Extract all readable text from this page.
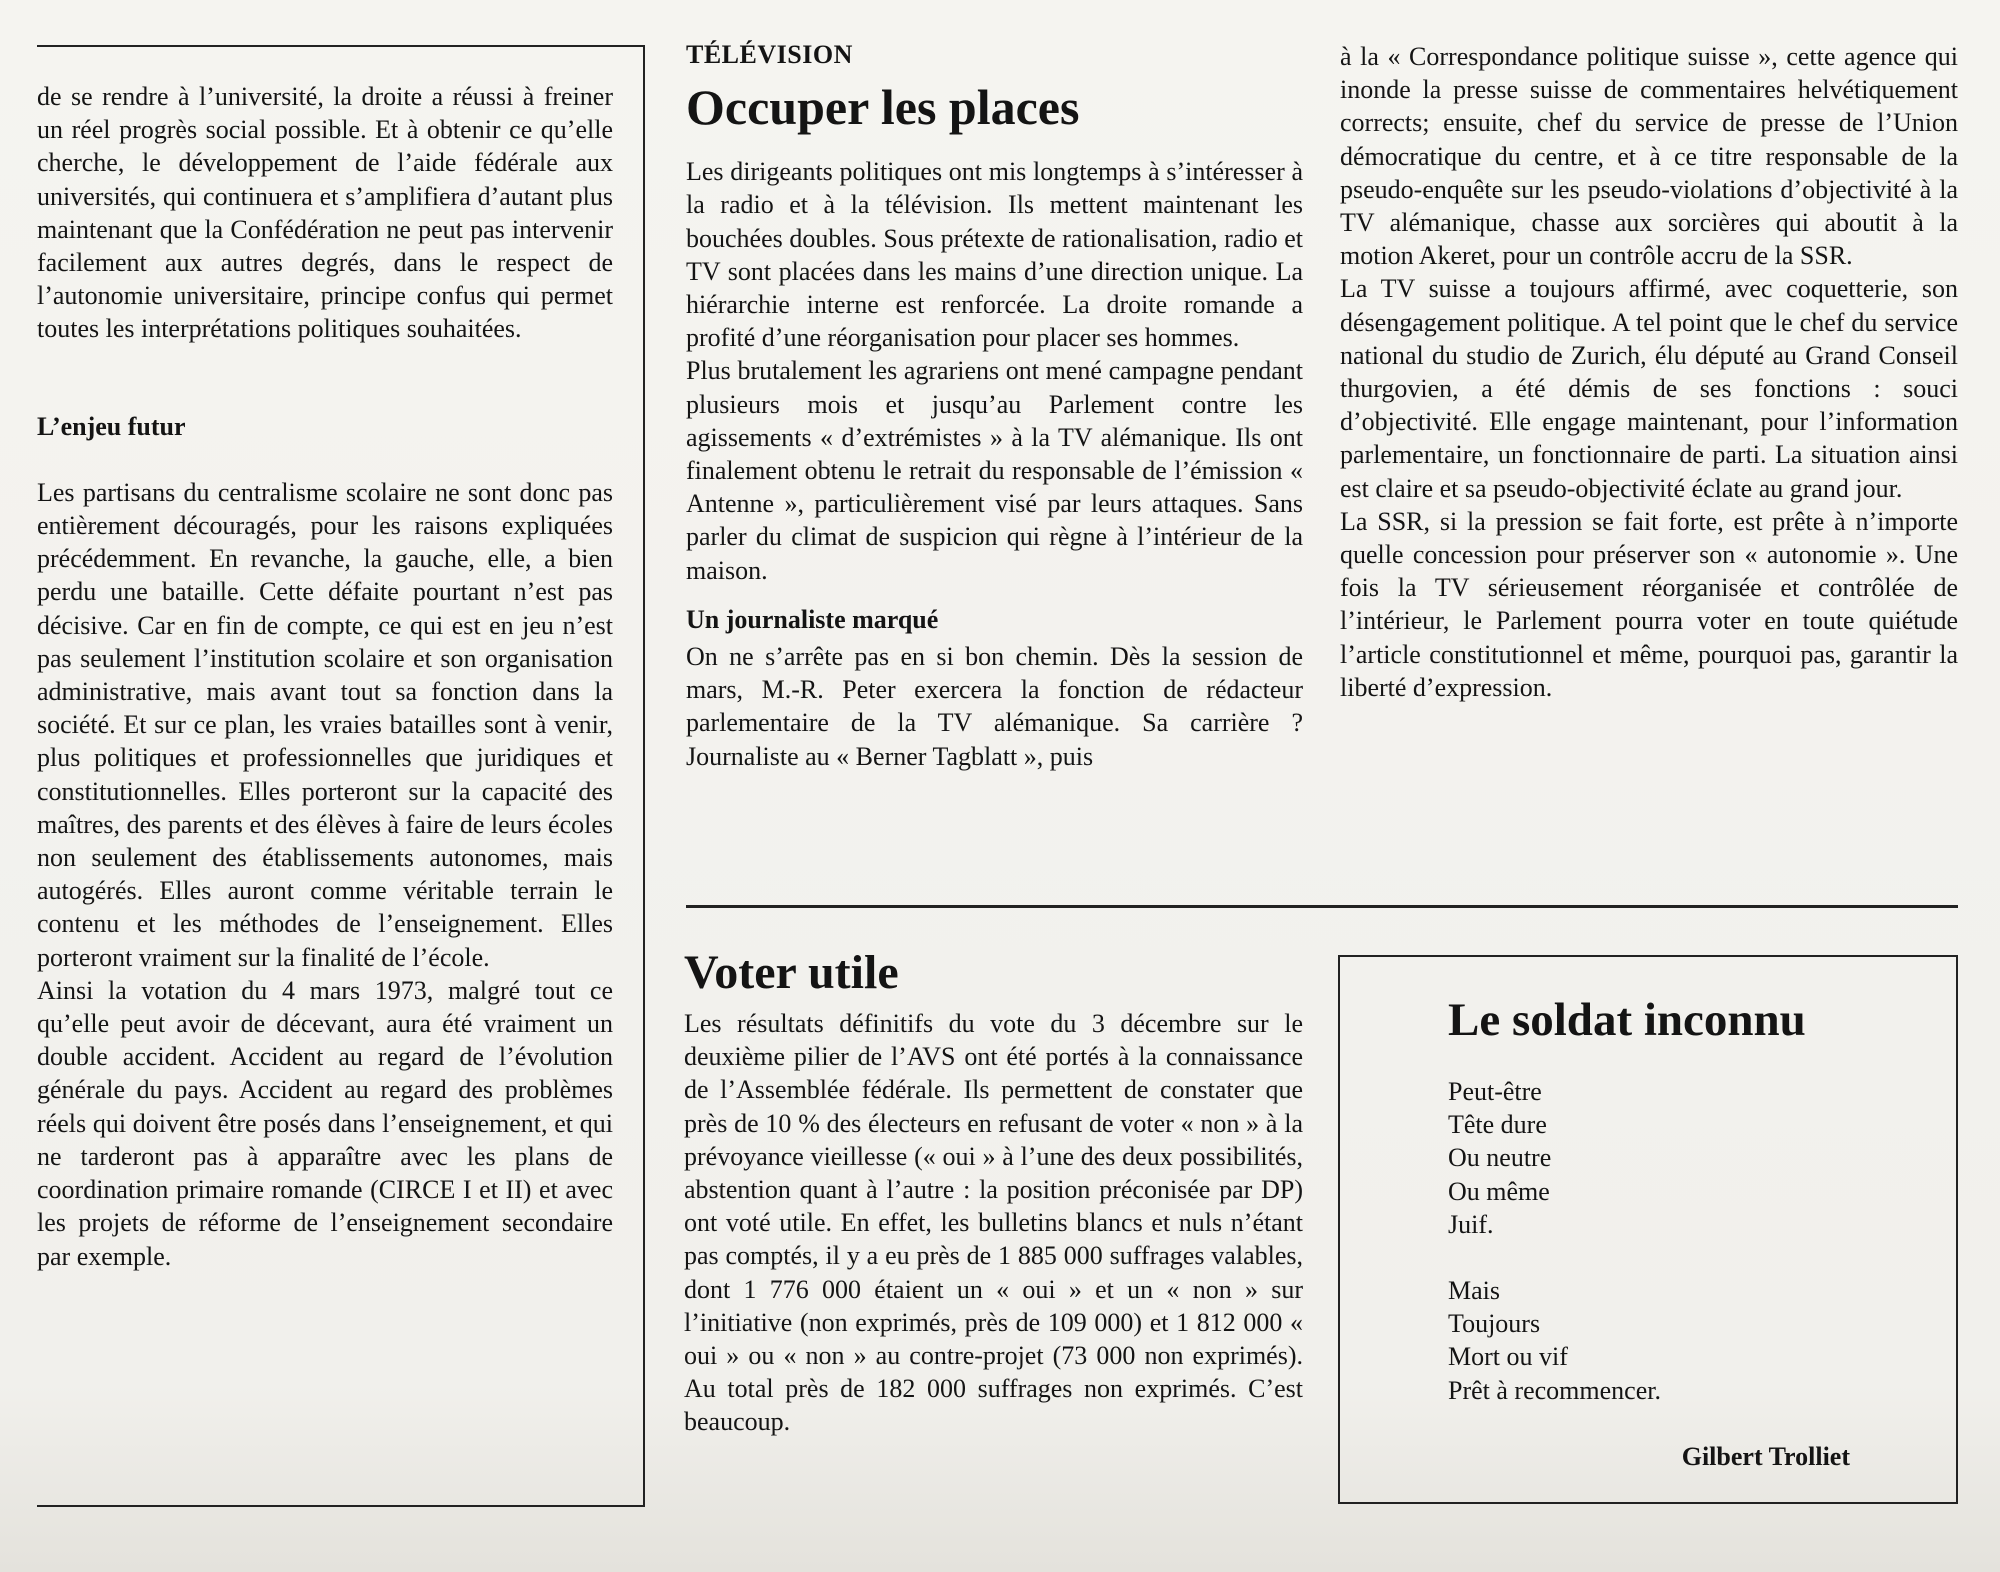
de se rendre à l’université, la droite a réussi à freiner un réel progrès social possible. Et à obtenir ce qu’elle cherche, le développement de l’aide fédérale aux universités, qui continuera et s’amplifiera d’autant plus maintenant que la Confédération ne peut pas intervenir facilement aux autres degrés, dans le respect de l’autonomie universitaire, principe confus qui permet toutes les interprétations politiques souhaitées.

L’enjeu futur

Les partisans du centralisme scolaire ne sont donc pas entièrement découragés, pour les raisons expliquées précédemment. En revanche, la gauche, elle, a bien perdu une bataille. Cette défaite pourtant n’est pas décisive. Car en fin de compte, ce qui est en jeu n’est pas seulement l’institution scolaire et son organisation administrative, mais avant tout sa fonction dans la société. Et sur ce plan, les vraies batailles sont à venir, plus politiques et professionnelles que juridiques et constitutionnelles. Elles porteront sur la capacité des maîtres, des parents et des élèves à faire de leurs écoles non seulement des établissements autonomes, mais autogérés. Elles auront comme véritable terrain le contenu et les méthodes de l’enseignement. Elles porteront vraiment sur la finalité de l’école.

Ainsi la votation du 4 mars 1973, malgré tout ce qu’elle peut avoir de décevant, aura été vraiment un double accident. Accident au regard de l’évolution générale du pays. Accident au regard des problèmes réels qui doivent être posés dans l’enseignement, et qui ne tarderont pas à apparaître avec les plans de coordination primaire romande (CIRCE I et II) et avec les projets de réforme de l’enseignement secondaire par exemple.

TÉLÉVISION

Occuper les places

Les dirigeants politiques ont mis longtemps à s’intéresser à la radio et à la télévision. Ils mettent maintenant les bouchées doubles. Sous prétexte de rationalisation, radio et TV sont placées dans les mains d’une direction unique. La hiérarchie interne est renforcée. La droite romande a profité d’une réorganisation pour placer ses hommes.

Plus brutalement les agrariens ont mené campagne pendant plusieurs mois et jusqu’au Parlement contre les agissements « d’extrémistes » à la TV alémanique. Ils ont finalement obtenu le retrait du responsable de l’émission « Antenne », particulièrement visé par leurs attaques. Sans parler du climat de suspicion qui règne à l’intérieur de la maison.

Un journaliste marqué

On ne s’arrête pas en si bon chemin. Dès la session de mars, M.-R. Peter exercera la fonction de rédacteur parlementaire de la TV alémanique. Sa carrière ? Journaliste au « Berner Tagblatt », puis

à la « Correspondance politique suisse », cette agence qui inonde la presse suisse de commentaires helvétiquement corrects; ensuite, chef du service de presse de l’Union démocratique du centre, et à ce titre responsable de la pseudo-enquête sur les pseudo-violations d’objectivité à la TV alémanique, chasse aux sorcières qui aboutit à la motion Akeret, pour un contrôle accru de la SSR.

La TV suisse a toujours affirmé, avec coquetterie, son désengagement politique. A tel point que le chef du service national du studio de Zurich, élu député au Grand Conseil thurgovien, a été démis de ses fonctions : souci d’objectivité. Elle engage maintenant, pour l’information parlementaire, un fonctionnaire de parti. La situation ainsi est claire et sa pseudo-objectivité éclate au grand jour.

La SSR, si la pression se fait forte, est prête à n’importe quelle concession pour préserver son « autonomie ». Une fois la TV sérieusement réorganisée et contrôlée de l’intérieur, le Parlement pourra voter en toute quiétude l’article constitutionnel et même, pourquoi pas, garantir la liberté d’expression.

Voter utile

Les résultats définitifs du vote du 3 décembre sur le deuxième pilier de l’AVS ont été portés à la connaissance de l’Assemblée fédérale. Ils permettent de constater que près de 10 % des électeurs en refusant de voter « non » à la prévoyance vieillesse (« oui » à l’une des deux possibilités, abstention quant à l’autre : la position préconisée par DP) ont voté utile. En effet, les bulletins blancs et nuls n’étant pas comptés, il y a eu près de 1 885 000 suffrages valables, dont 1 776 000 étaient un « oui » et un « non » sur l’initiative (non exprimés, près de 109 000) et 1 812 000 « oui » ou « non » au contre-projet (73 000 non exprimés). Au total près de 182 000 suffrages non exprimés. C’est beaucoup.

Le soldat inconnu

Peut-être

Tête dure

Ou neutre

Ou même

Juif.

Mais

Toujours

Mort ou vif

Prêt à recommencer.

Gilbert Trolliet
